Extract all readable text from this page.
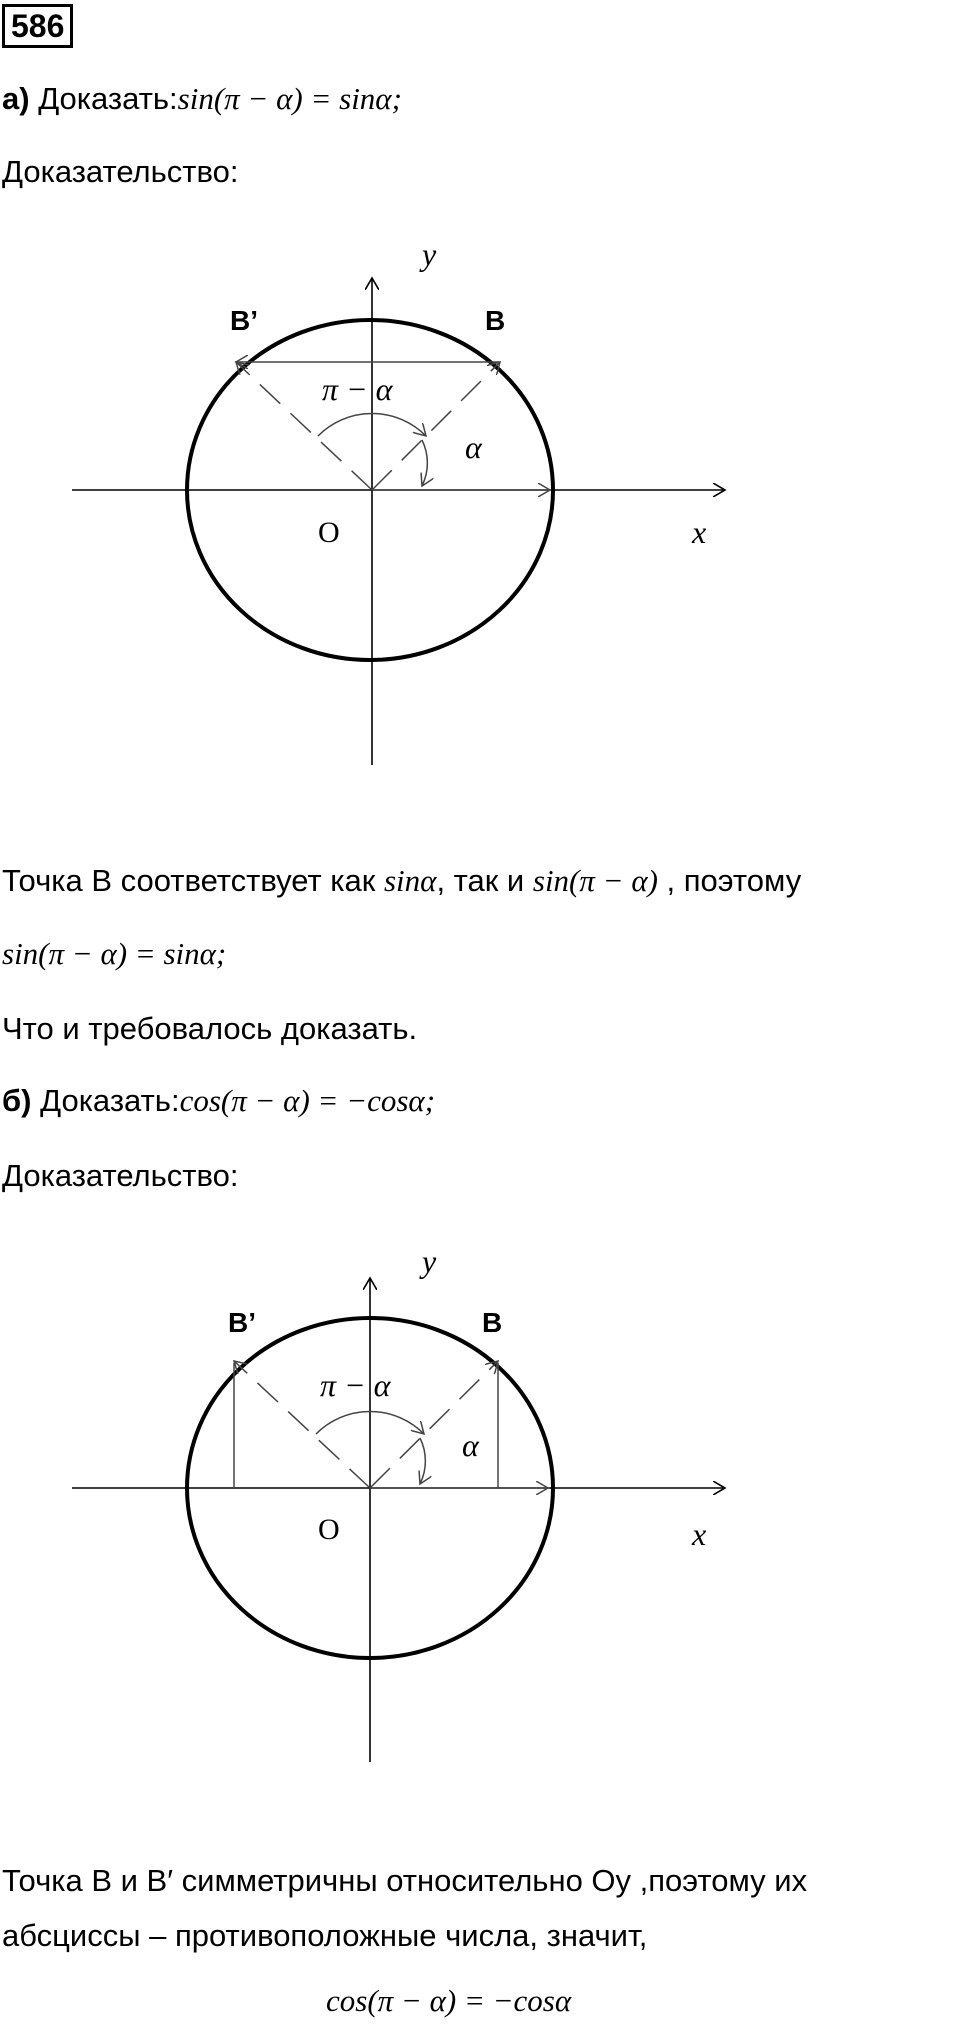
586
а) Доказать:sin(π − α) = sinα;
Доказательство:
y
x
O
B
B’
π − α
α
Точка B соответствует как sinα, так и sin(π − α) , поэтому
sin(π − α) = sinα;
Что и требовалось доказать.
б) Доказать:cos(π − α) = −cosα;
Доказательство:
y
x
O
B
B’
π − α
α
Точка B и B′ симметричны относительно Oy ,поэтому их
абсциссы – противоположные числа, значит,
cos(π − α) = −cosα
